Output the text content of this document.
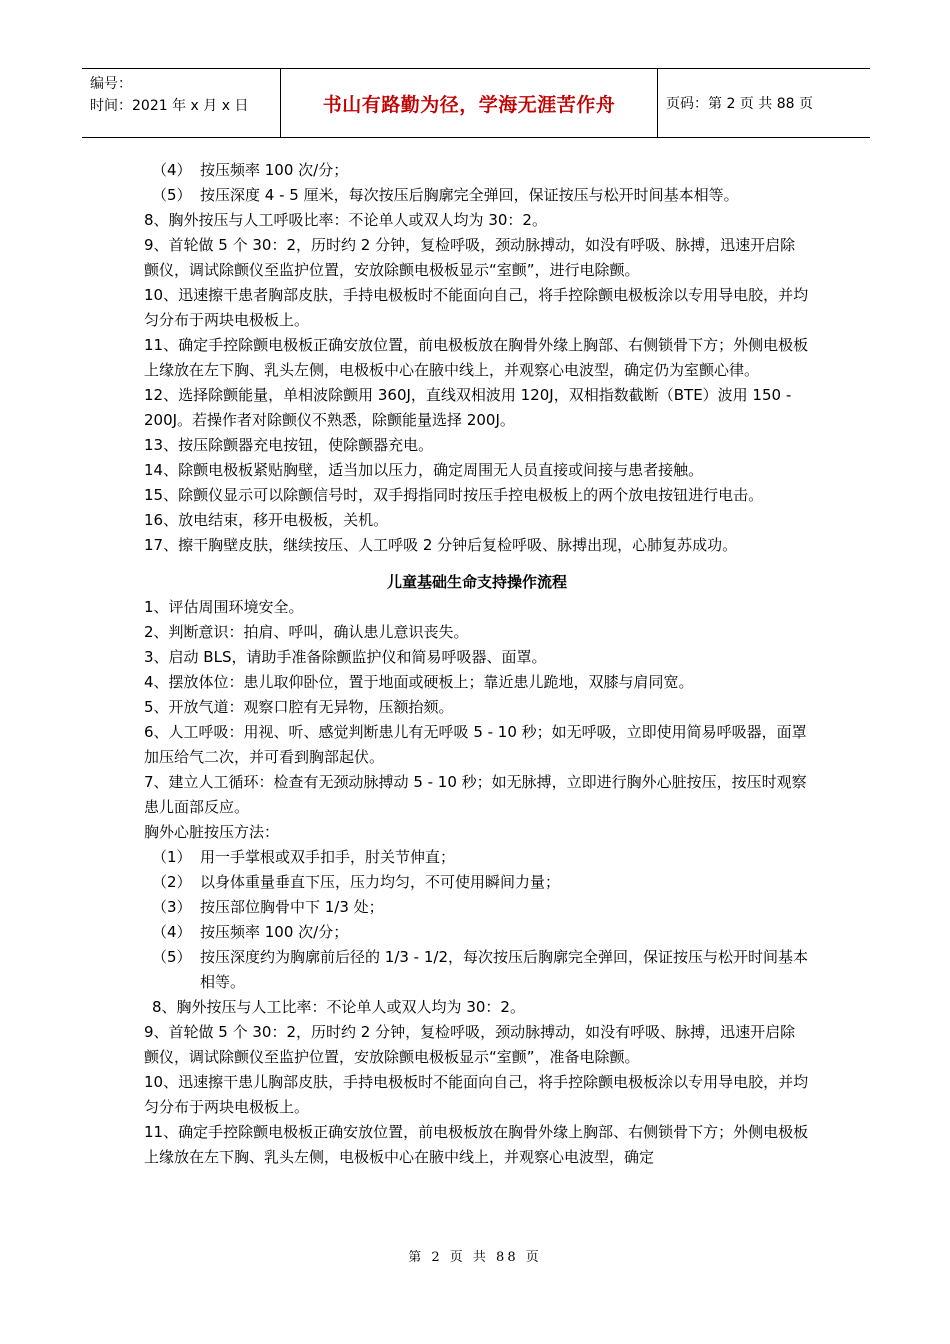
编号：
时间：2021 年 x 月 x 日	书山有路勤为径，学海无涯苦作舟	页码：第 2 页 共 88 页
（4） 按压频率 100 次/分；
（5） 按压深度 4 - 5 厘米，每次按压后胸廓完全弹回，保证按压与松开时间基本相等。

8、胸外按压与人工呼吸比率：不论单人或双人均为 30：2。

9、首轮做 5 个 30：2，历时约 2 分钟，复检呼吸，颈动脉搏动，如没有呼吸、脉搏，迅速开启除颤仪，调试除颤仪至监护位置，安放除颤电极板显示“室颤”，进行电除颤。

10、迅速擦干患者胸部皮肤，手持电极板时不能面向自己，将手控除颤电极板涂以专用导电胶，并均匀分布于两块电极板上。

11、确定手控除颤电极板正确安放位置，前电极板放在胸骨外缘上胸部、右侧锁骨下方；外侧电极板上缘放在左下胸、乳头左侧，电极板中心在腋中线上，并观察心电波型，确定仍为室颤心律。

12、选择除颤能量，单相波除颤用 360J，直线双相波用 120J，双相指数截断（BTE）波用 150 - 200J。若操作者对除颤仪不熟悉，除颤能量选择 200J。

13、按压除颤器充电按钮，使除颤器充电。

14、除颤电极板紧贴胸壁，适当加以压力，确定周围无人员直接或间接与患者接触。

15、除颤仪显示可以除颤信号时，双手拇指同时按压手控电极板上的两个放电按钮进行电击。

16、放电结束，移开电极板，关机。

17、擦干胸壁皮肤，继续按压、人工呼吸 2 分钟后复检呼吸、脉搏出现，心肺复苏成功。

儿童基础生命支持操作流程

1、评估周围环境安全。

2、判断意识：拍肩、呼叫，确认患儿意识丧失。

3、启动 BLS，请助手准备除颤监护仪和简易呼吸器、面罩。

4、摆放体位：患儿取仰卧位，置于地面或硬板上；靠近患儿跪地，双膝与肩同宽。

5、开放气道：观察口腔有无异物，压额抬颏。

6、人工呼吸：用视、听、感觉判断患儿有无呼吸 5 - 10 秒；如无呼吸，立即使用简易呼吸器，面罩加压给气二次，并可看到胸部起伏。

7、建立人工循环：检查有无颈动脉搏动 5 - 10 秒；如无脉搏，立即进行胸外心脏按压，按压时观察患儿面部反应。

胸外心脏按压方法：

（1） 用一手掌根或双手扣手，肘关节伸直；
（2） 以身体重量垂直下压，压力均匀，不可使用瞬间力量；
（3） 按压部位胸骨中下 1/3 处；
（4） 按压频率 100 次/分；
（5） 按压深度约为胸廓前后径的 1/3 - 1/2，每次按压后胸廓完全弹回，保证按压与松开时间基本相等。

8、胸外按压与人工比率：不论单人或双人均为 30：2。

9、首轮做 5 个 30：2，历时约 2 分钟，复检呼吸，颈动脉搏动，如没有呼吸、脉搏，迅速开启除颤仪，调试除颤仪至监护位置，安放除颤电极板显示“室颤”，准备电除颤。

10、迅速擦干患儿胸部皮肤，手持电极板时不能面向自己，将手控除颤电极板涂以专用导电胶，并均匀分布于两块电极板上。

11、确定手控除颤电极板正确安放位置，前电极板放在胸骨外缘上胸部、右侧锁骨下方；外侧电极板上缘放在左下胸、乳头左侧，电极板中心在腋中线上，并观察心电波型，确定

第 2 页 共 88 页
